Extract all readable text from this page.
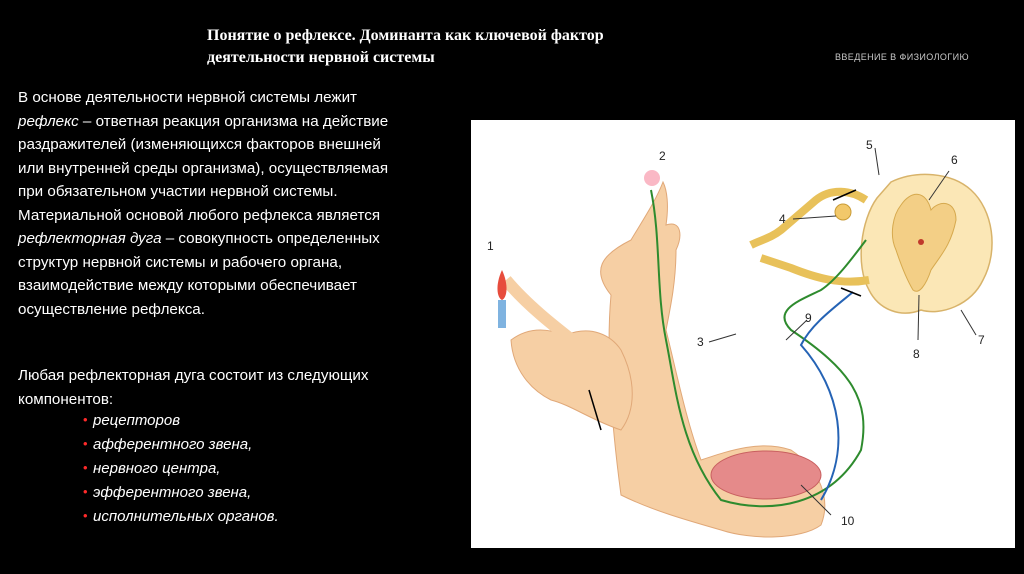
Понятие о рефлексе. Доминанта как ключевой фактор
деятельности нервной системы	ВВЕДЕНИЕ В ФИЗИОЛОГИЮ

В основе деятельности нервной системы лежит

рефлекс – ответная реакция организма на действие

раздражителей (изменяющихся факторов внешней

или внутренней среды организма), осуществляемая

при обязательном участии нервной системы.

Материальной основой любого рефлекса является

рефлекторная дуга – совокупность определенных

структур нервной системы и рабочего органа,

взаимодействие между которыми обеспечивает

осуществление рефлекса.

Любая рефлекторная дуга состоит из следующих

компонентов:

• рецепторов
• афферентного звена,
• нервного центра,
• эфферентного звена,
• исполнительных органов.
1
2
3
4
5
6
7
8
9
10
